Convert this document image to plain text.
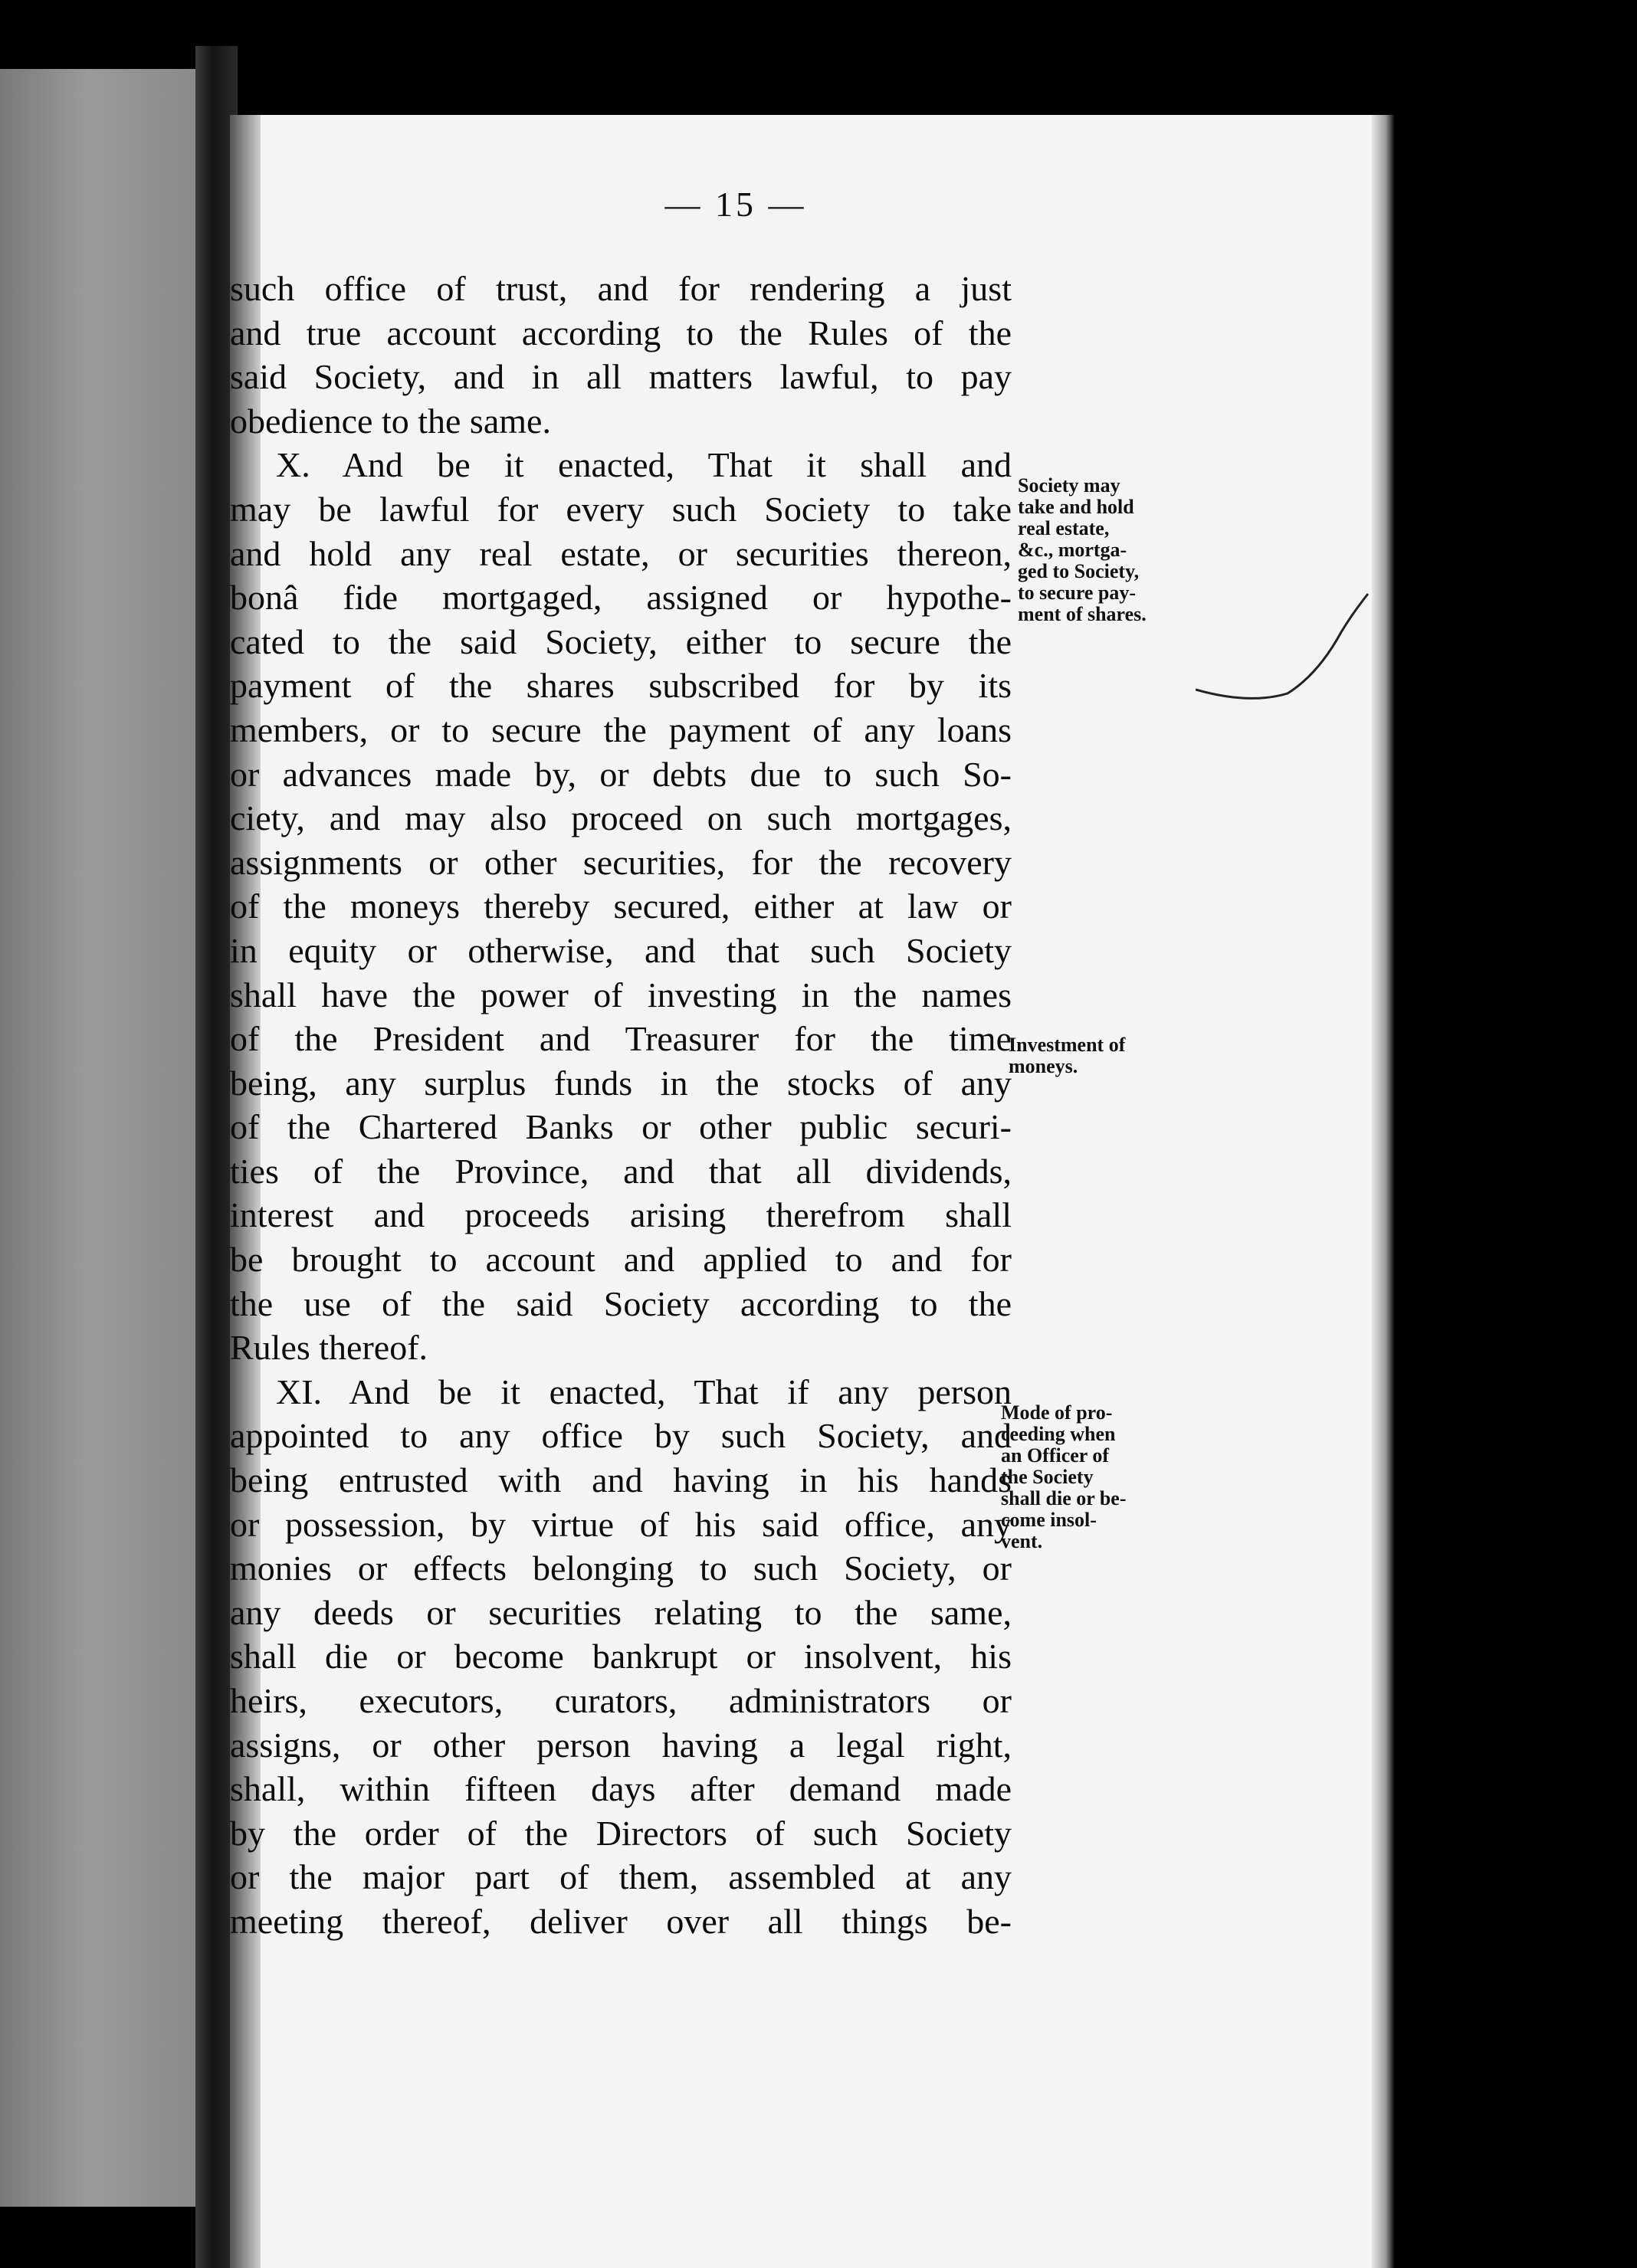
— 15 —
such office of trust, and for rendering a just
and true account according to the Rules of the
said Society, and in all matters lawful, to pay
obedience to the same.
X. And be it enacted, That it shall and
may be lawful for every such Society to take
and hold any real estate, or securities thereon,
bonâ fide mortgaged, assigned or hypothe-
cated to the said Society, either to secure the
payment of the shares subscribed for by its
members, or to secure the payment of any loans
or advances made by, or debts due to such So-
ciety, and may also proceed on such mortgages,
assignments or other securities, for the recovery
of the moneys thereby secured, either at law or
in equity or otherwise, and that such Society
shall have the power of investing in the names
of the President and Treasurer for the time
being, any surplus funds in the stocks of any
of the Chartered Banks or other public securi-
ties of the Province, and that all dividends,
interest and proceeds arising therefrom shall
be brought to account and applied to and for
the use of the said Society according to the
Rules thereof.
XI. And be it enacted, That if any person
appointed to any office by such Society, and
being entrusted with and having in his hands
or possession, by virtue of his said office, any
monies or effects belonging to such Society, or
any deeds or securities relating to the same,
shall die or become bankrupt or insolvent, his
heirs, executors, curators, administrators or
assigns, or other person having a legal right,
shall, within fifteen days after demand made
by the order of the Directors of such Society
or the major part of them, assembled at any
meeting thereof, deliver over all things be-
Society may
take and hold
real estate,
&c., mortga-
ged to Society,
to secure pay-
ment of shares.
Investment of
moneys.
Mode of pro-
ceeding when
an Officer of
the Society
shall die or be-
come insol-
vent.
